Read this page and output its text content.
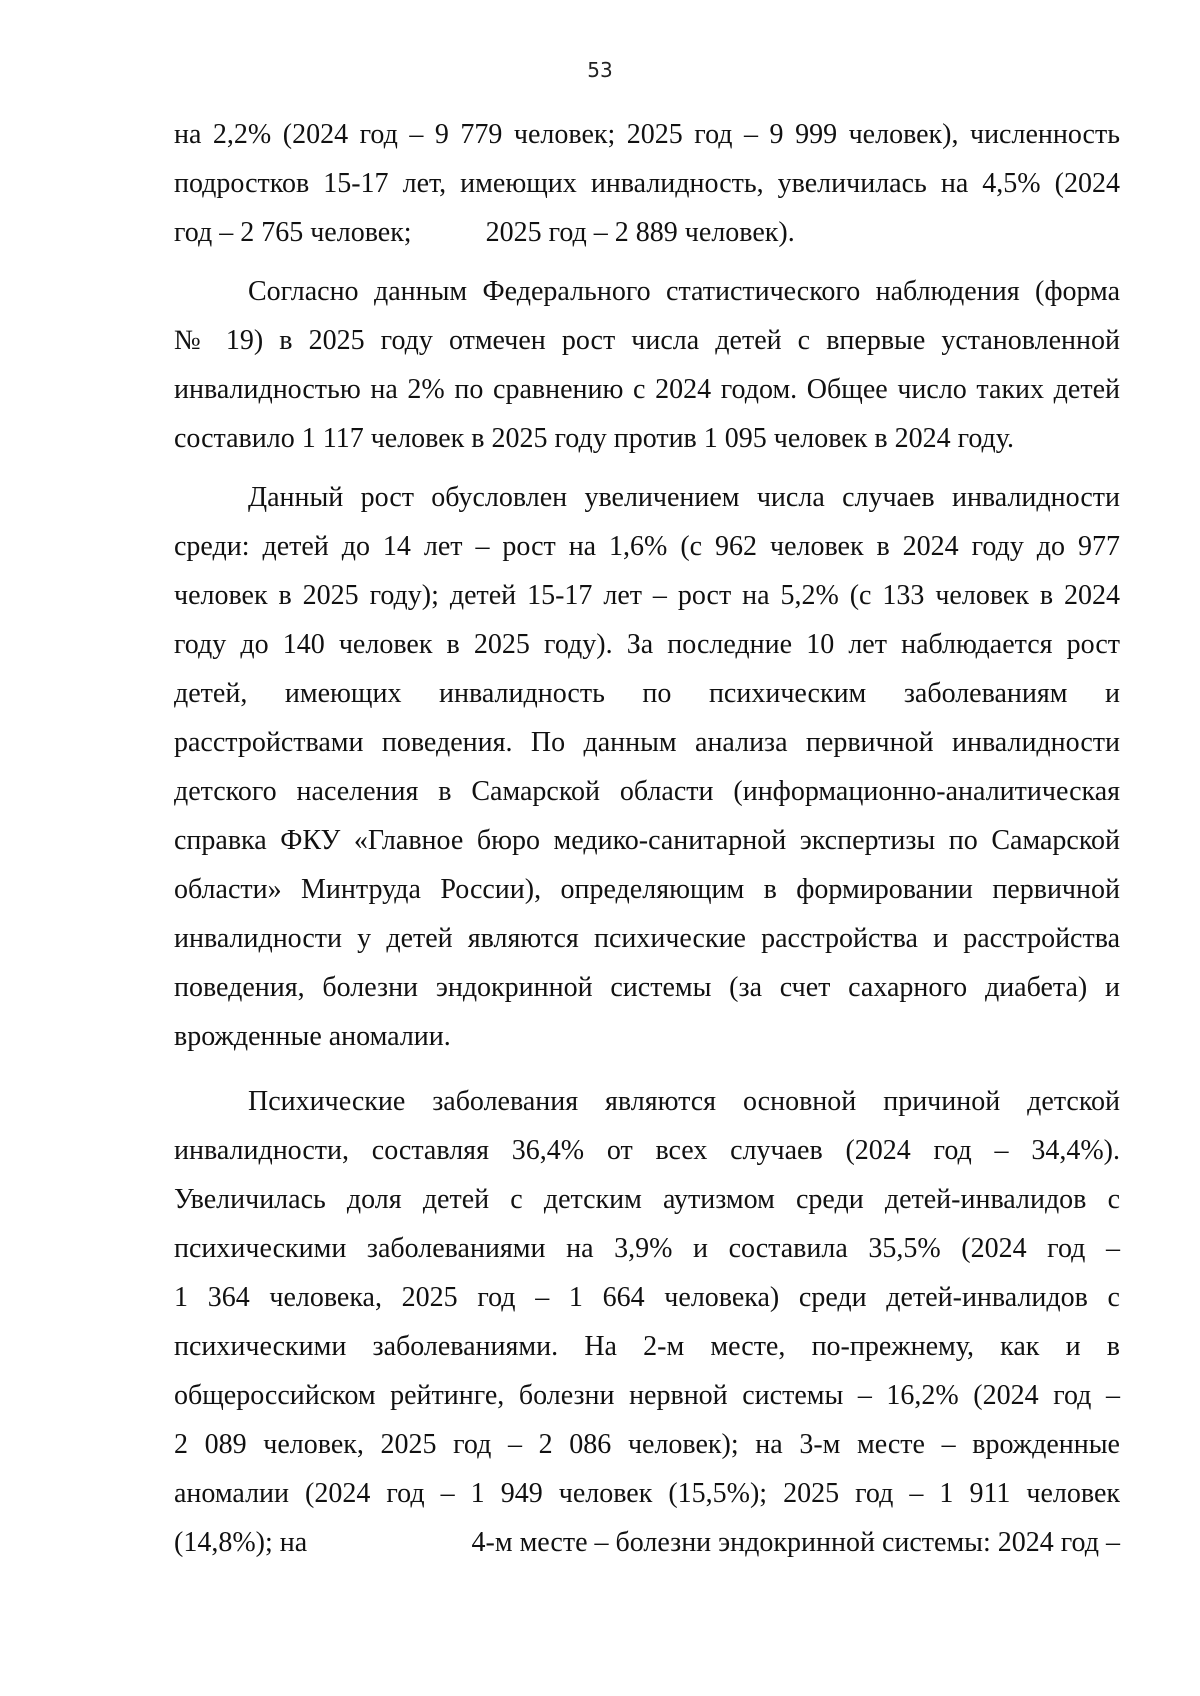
53
на 2,2% (2024 год – 9 779 человек; 2025 год – 9 999 человек), численность
подростков 15-17 лет, имеющих инвалидность, увеличилась на 4,5% (2024
год – 2 765 человек;	2025 год – 2 889 человек).
Согласно данным Федерального статистического наблюдения (форма
№ 19) в 2025 году отмечен рост числа детей с впервые установленной
инвалидностью на 2% по сравнению с 2024 годом. Общее число таких детей
составило 1 117 человек в 2025 году против 1 095 человек в 2024 году.
Данный рост обусловлен увеличением числа случаев инвалидности
среди: детей до 14 лет – рост на 1,6% (с 962 человек в 2024 году до 977
человек в 2025 году); детей 15-17 лет – рост на 5,2% (с 133 человек в 2024
году до 140 человек в 2025 году). За последние 10 лет наблюдается рост
детей, имеющих инвалидность по психическим заболеваниям и
расстройствами поведения. По данным анализа первичной инвалидности
детского населения в Самарской области (информационно-аналитическая
справка ФКУ «Главное бюро медико-санитарной экспертизы по Самарской
области» Минтруда России), определяющим в формировании первичной
инвалидности у детей являются психические расстройства и расстройства
поведения, болезни эндокринной системы (за счет сахарного диабета) и
врожденные аномалии.
Психические заболевания являются основной причиной детской
инвалидности, составляя 36,4% от всех случаев (2024 год – 34,4%).
Увеличилась доля детей с детским аутизмом среди детей-инвалидов с
психическими заболеваниями на 3,9% и составила 35,5% (2024 год –
1 364 человека, 2025 год – 1 664 человека) среди детей-инвалидов с
психическими заболеваниями. На 2-м месте, по-прежнему, как и в
общероссийском рейтинге, болезни нервной системы – 16,2% (2024 год –
2 089 человек, 2025 год – 2 086 человек); на 3-м месте – врожденные
аномалии (2024 год – 1 949 человек (15,5%); 2025 год – 1 911 человек
(14,8%); на	4-м месте – болезни эндокринной системы: 2024 год –
